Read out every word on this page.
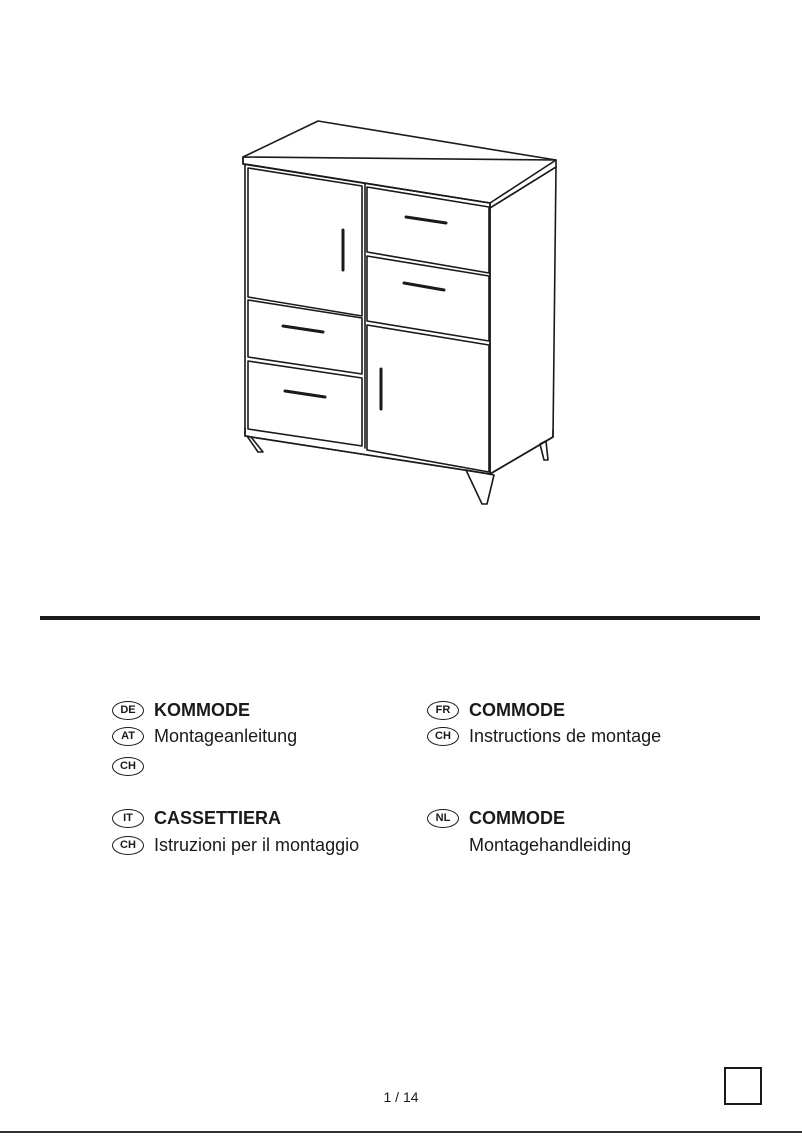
DE	KOMMODE
AT	Montageanleitung
CH
FR	COMMODE
CH	Instructions de montage
IT	CASSETTIERA
CH	Istruzioni per il montaggio
NL	COMMODE
Montagehandleiding
1 / 14
